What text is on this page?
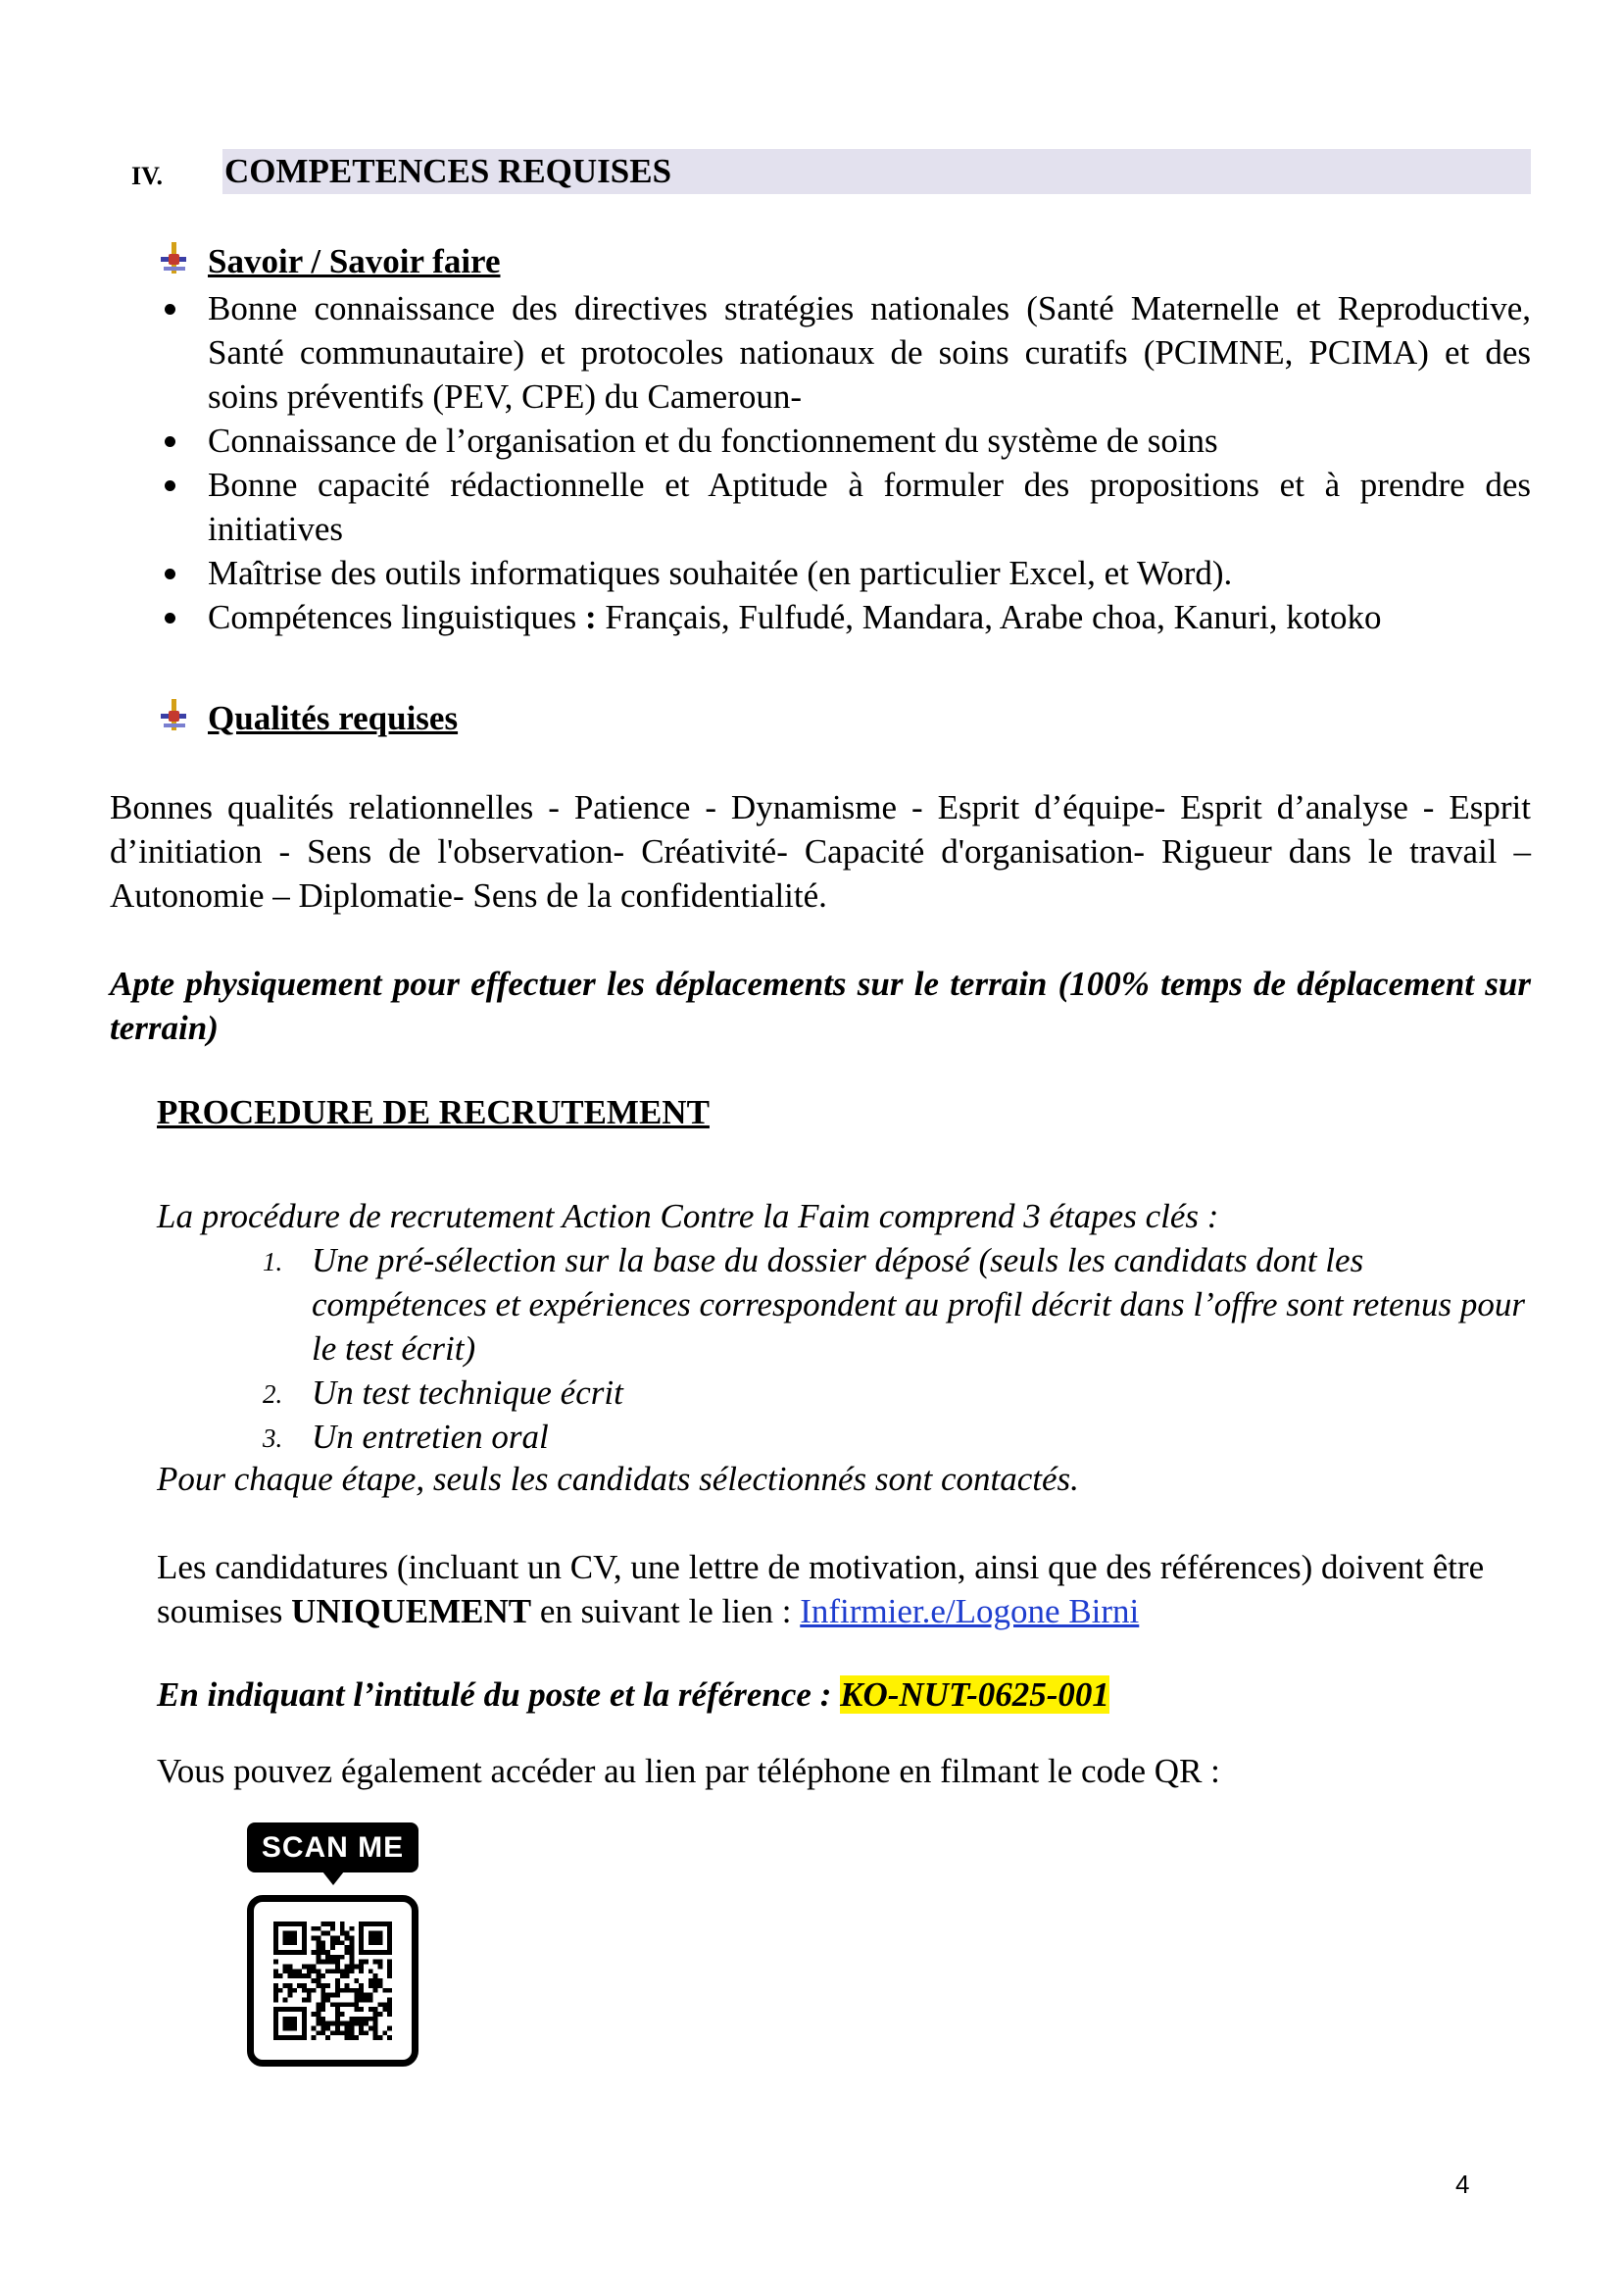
IV. COMPETENCES REQUISES
Savoir / Savoir faire
Bonne connaissance des directives stratégies nationales (Santé Maternelle et Reproductive, Santé communautaire) et protocoles nationaux de soins curatifs (PCIMNE, PCIMA) et des soins préventifs (PEV, CPE) du Cameroun-
Connaissance de l’organisation et du fonctionnement du système de soins
Bonne capacité rédactionnelle et Aptitude à formuler des propositions et à prendre des initiatives
Maîtrise des outils informatiques souhaitée (en particulier Excel, et Word).
Compétences linguistiques : Français, Fulfudé, Mandara, Arabe choa, Kanuri, kotoko
Qualités requises
Bonnes qualités relationnelles - Patience - Dynamisme - Esprit d’équipe- Esprit d’analyse - Esprit d’initiation - Sens de l'observation- Créativité- Capacité d'organisation- Rigueur dans le travail – Autonomie – Diplomatie- Sens de la confidentialité.
Apte physiquement pour effectuer les déplacements sur le terrain (100% temps de déplacement sur terrain)
PROCEDURE DE RECRUTEMENT
La procédure de recrutement Action Contre la Faim comprend 3 étapes clés :
1. Une pré-sélection sur la base du dossier déposé (seuls les candidats dont les compétences et expériences correspondent au profil décrit dans l’offre sont retenus pour le test écrit)
2. Un test technique écrit
3. Un entretien oral
Pour chaque étape, seuls les candidats sélectionnés sont contactés.
Les candidatures (incluant un CV, une lettre de motivation, ainsi que des références) doivent être soumises UNIQUEMENT en suivant le lien : Infirmier.e/Logone Birni
En indiquant l’intitulé du poste et la référence : KO-NUT-0625-001
Vous pouvez également accéder au lien par téléphone en filmant le code QR :
SCAN ME
4
